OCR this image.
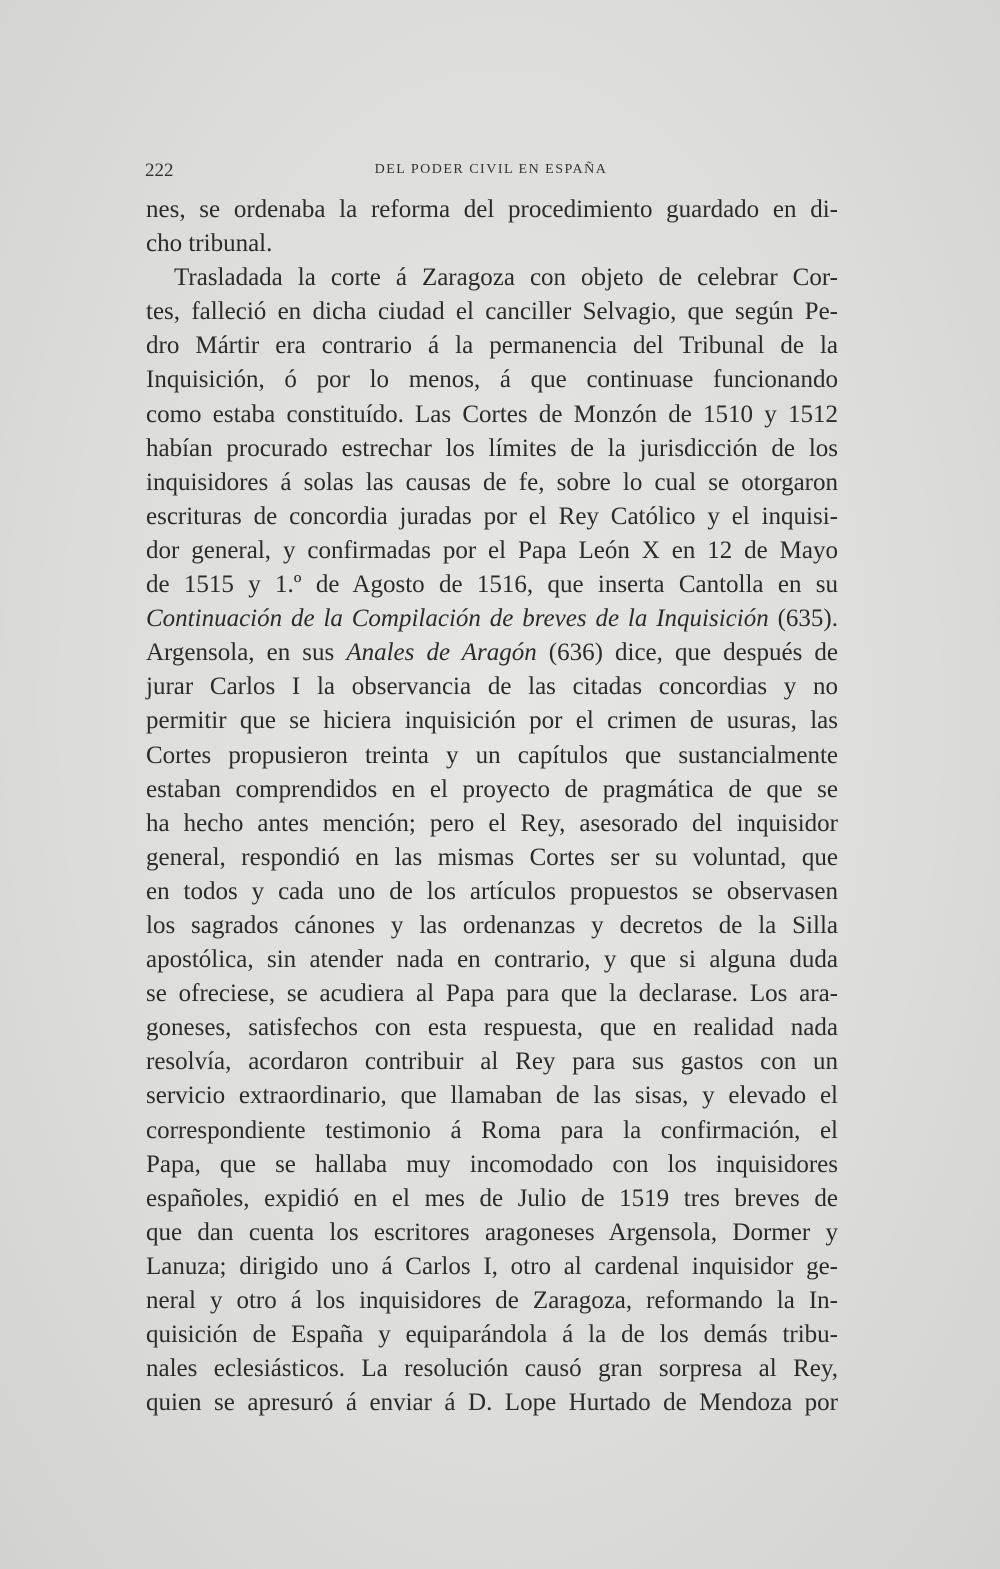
222	DEL PODER CIVIL EN ESPAÑA
nes, se ordenaba la reforma del procedimiento guardado en di-
cho tribunal.
Trasladada la corte á Zaragoza con objeto de celebrar Cor-
tes, falleció en dicha ciudad el canciller Selvagio, que según Pe-
dro Mártir era contrario á la permanencia del Tribunal de la
Inquisición, ó por lo menos, á que continuase funcionando
como estaba constituído. Las Cortes de Monzón de 1510 y 1512
habían procurado estrechar los límites de la jurisdicción de los
inquisidores á solas las causas de fe, sobre lo cual se otorgaron
escrituras de concordia juradas por el Rey Católico y el inquisi-
dor general, y confirmadas por el Papa León X en 12 de Mayo
de 1515 y 1.º de Agosto de 1516, que inserta Cantolla en su
Continuación de la Compilación de breves de la Inquisición (635).
Argensola, en sus Anales de Aragón (636) dice, que después de
jurar Carlos I la observancia de las citadas concordias y no
permitir que se hiciera inquisición por el crimen de usuras, las
Cortes propusieron treinta y un capítulos que sustancialmente
estaban comprendidos en el proyecto de pragmática de que se
ha hecho antes mención; pero el Rey, asesorado del inquisidor
general, respondió en las mismas Cortes ser su voluntad, que
en todos y cada uno de los artículos propuestos se observasen
los sagrados cánones y las ordenanzas y decretos de la Silla
apostólica, sin atender nada en contrario, y que si alguna duda
se ofreciese, se acudiera al Papa para que la declarase. Los ara-
goneses, satisfechos con esta respuesta, que en realidad nada
resolvía, acordaron contribuir al Rey para sus gastos con un
servicio extraordinario, que llamaban de las sisas, y elevado el
correspondiente testimonio á Roma para la confirmación, el
Papa, que se hallaba muy incomodado con los inquisidores
españoles, expidió en el mes de Julio de 1519 tres breves de
que dan cuenta los escritores aragoneses Argensola, Dormer y
Lanuza; dirigido uno á Carlos I, otro al cardenal inquisidor ge-
neral y otro á los inquisidores de Zaragoza, reformando la In-
quisición de España y equiparándola á la de los demás tribu-
nales eclesiásticos. La resolución causó gran sorpresa al Rey,
quien se apresuró á enviar á D. Lope Hurtado de Mendoza por
